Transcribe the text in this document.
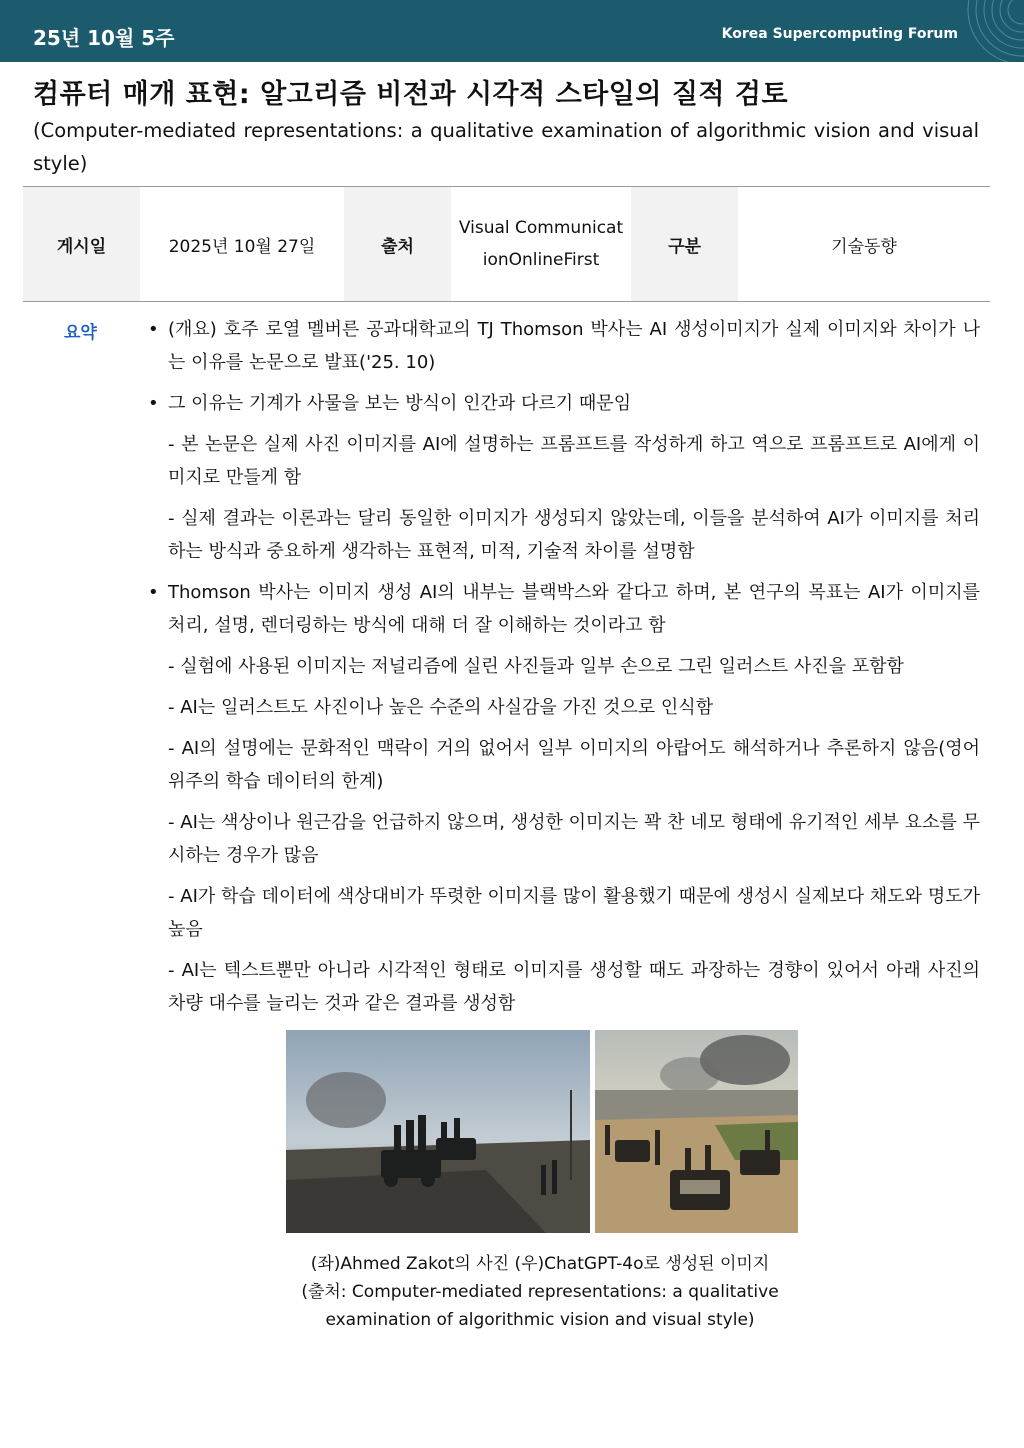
25년 10월 5주	Korea Supercomputing Forum
컴퓨터 매개 표현: 알고리즘 비전과 시각적 스타일의 질적 검토
(Computer-mediated representations: a qualitative examination of algorithmic vision and visual style)
게시일	2025년 10월 27일	출처	Visual CommunicationOnlineFirst	구분	기술동향
요약	• (개요) 호주 로열 멜버른 공과대학교의 TJ Thomson 박사는 AI 생성이미지가 실제 이미지와 차이가 나는 이유를 논문으로 발표('25. 10)
• 그 이유는 기계가 사물을 보는 방식이 인간과 다르기 때문임
- 본 논문은 실제 사진 이미지를 AI에 설명하는 프롬프트를 작성하게 하고 역으로 프롬프트로 AI에게 이미지로 만들게 함
- 실제 결과는 이론과는 달리 동일한 이미지가 생성되지 않았는데, 이들을 분석하여 AI가 이미지를 처리하는 방식과 중요하게 생각하는 표현적, 미적, 기술적 차이를 설명함
• Thomson 박사는 이미지 생성 AI의 내부는 블랙박스와 같다고 하며, 본 연구의 목표는 AI가 이미지를 처리, 설명, 렌더링하는 방식에 대해 더 잘 이해하는 것이라고 함
- 실험에 사용된 이미지는 저널리즘에 실린 사진들과 일부 손으로 그린 일러스트 사진을 포함함
- AI는 일러스트도 사진이나 높은 수준의 사실감을 가진 것으로 인식함
- AI의 설명에는 문화적인 맥락이 거의 없어서 일부 이미지의 아랍어도 해석하거나 추론하지 않음(영어 위주의 학습 데이터의 한계)
- AI는 색상이나 원근감을 언급하지 않으며, 생성한 이미지는 꽉 찬 네모 형태에 유기적인 세부 요소를 무시하는 경우가 많음
- AI가 학습 데이터에 색상대비가 뚜렷한 이미지를 많이 활용했기 때문에 생성시 실제보다 채도와 명도가 높음
- AI는 텍스트뿐만 아니라 시각적인 형태로 이미지를 생성할 때도 과장하는 경향이 있어서 아래 사진의 차량 대수를 늘리는 것과 같은 결과를 생성함
(좌)Ahmed Zakot의 사진 (우)ChatGPT-4o로 생성된 이미지
(출처: Computer-mediated representations: a qualitative examination of algorithmic vision and visual style)
